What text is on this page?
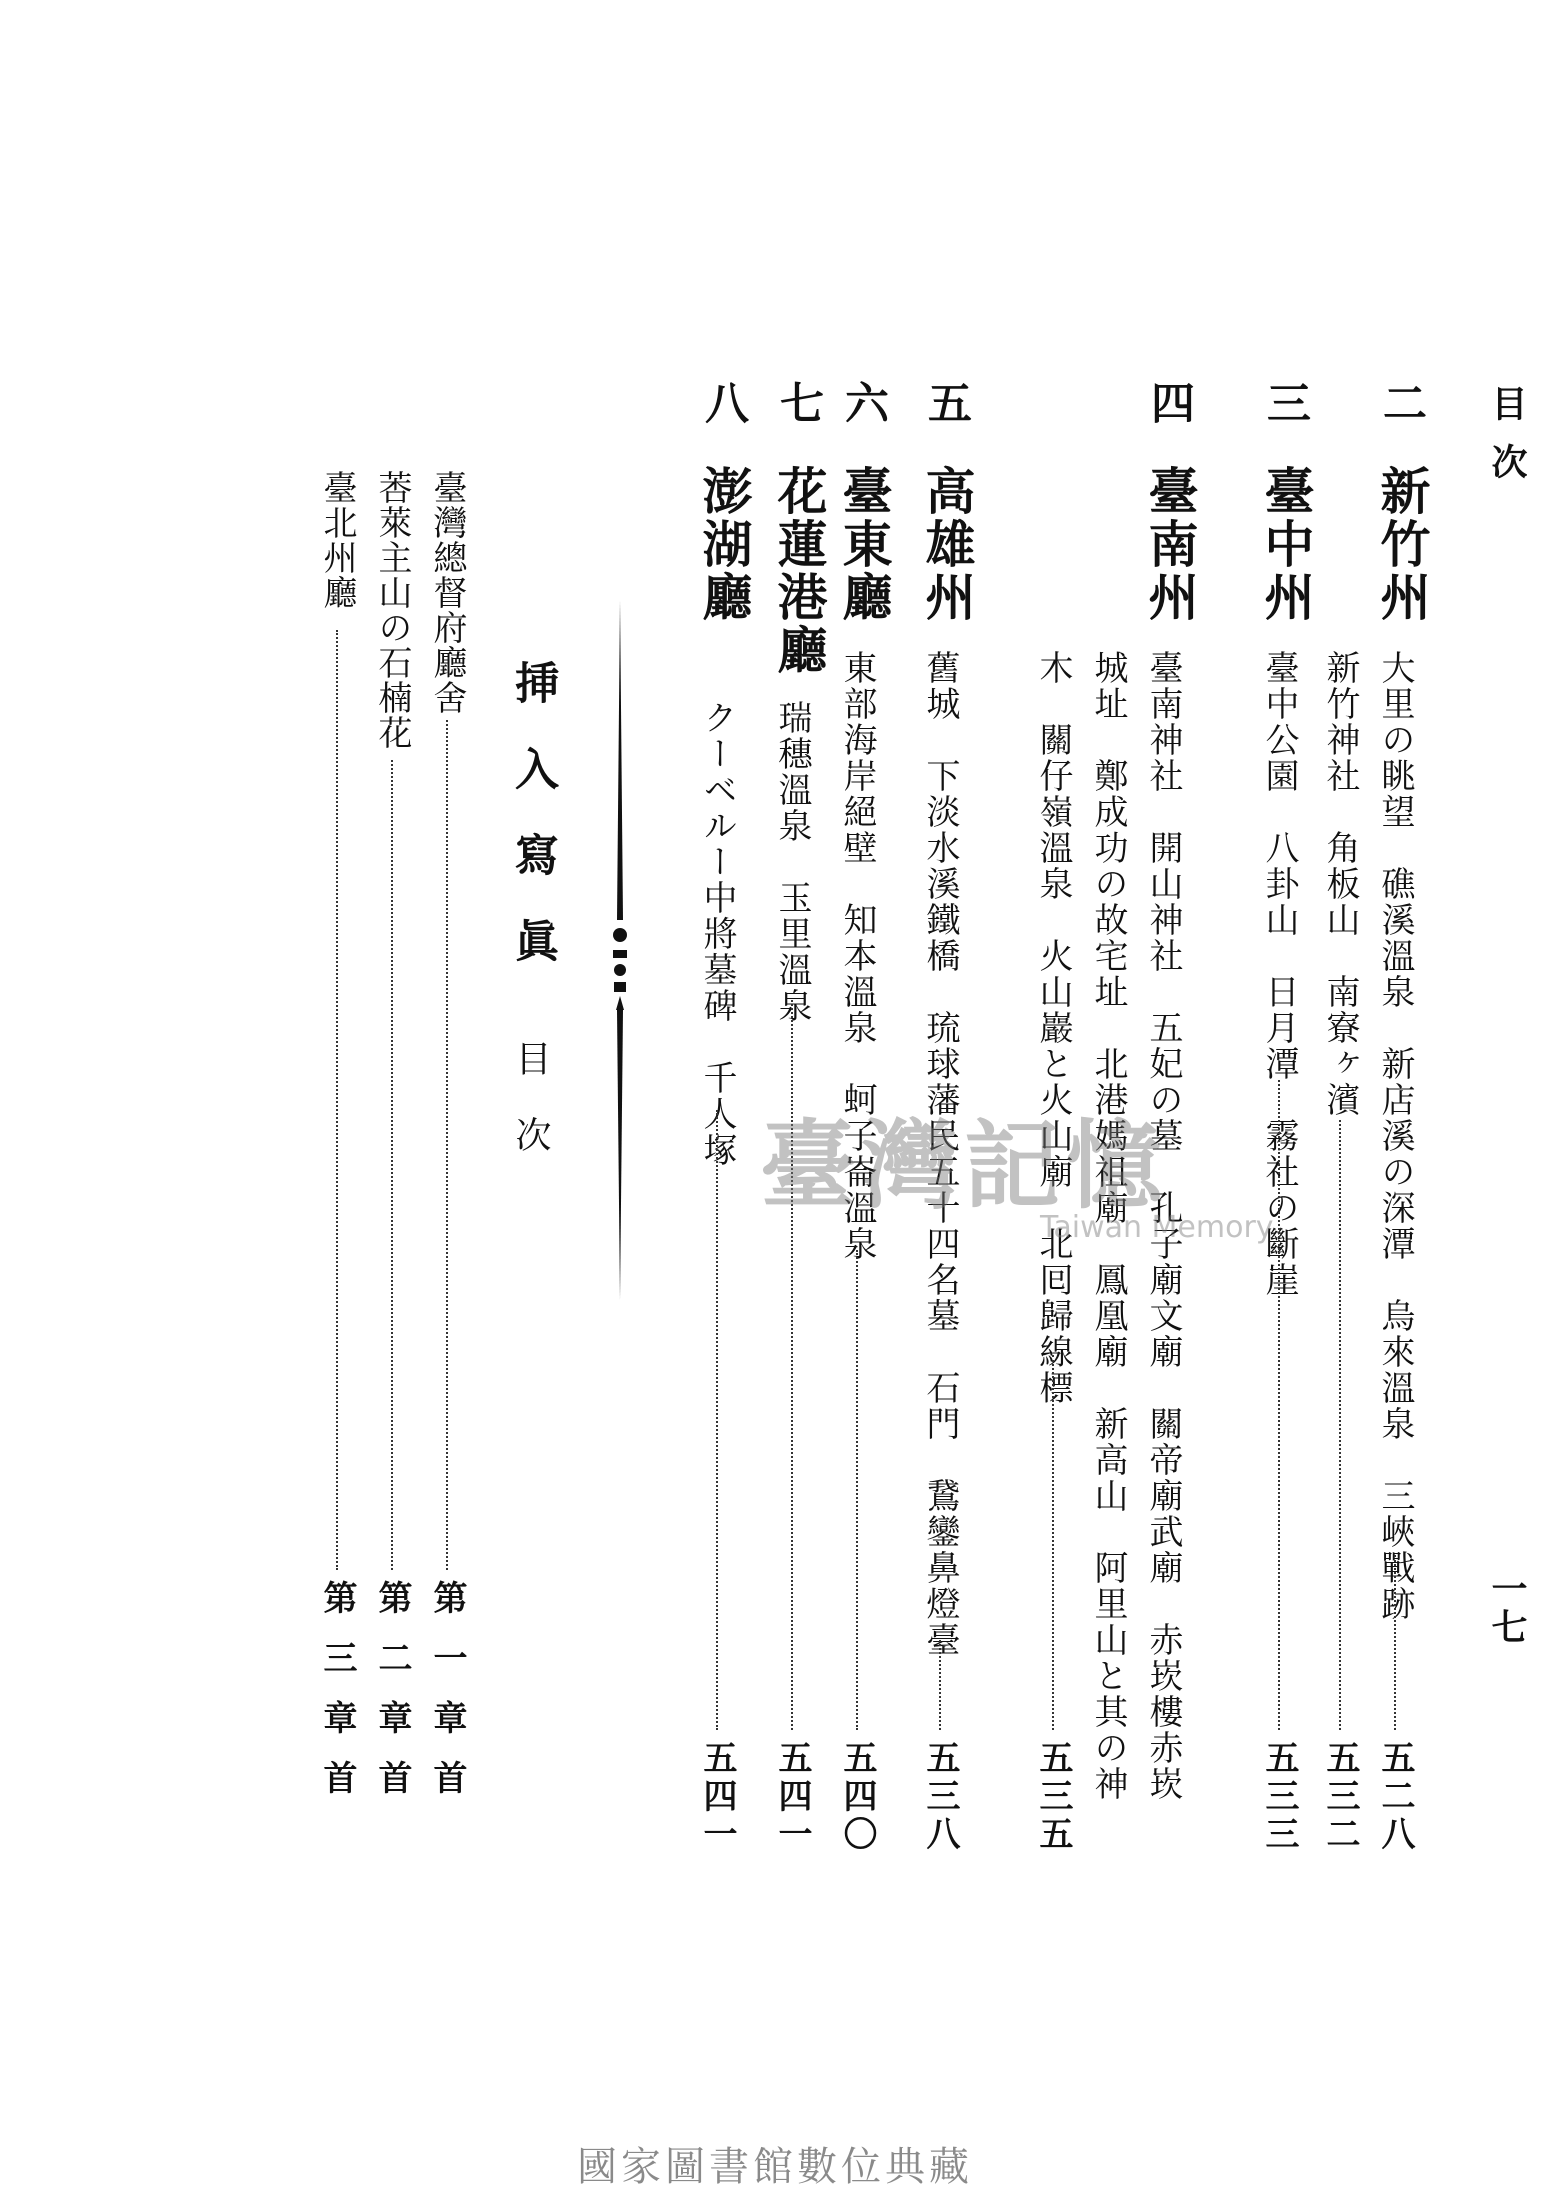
目次
一七
二
新竹州
大里の眺望　礁溪溫泉　新店溪の深潭　烏來溫泉　三峽戰跡
五二八
新竹神社　角板山　南寮ヶ濱
五三二
三
臺中州
臺中公園　八卦山　日月潭　霧社の斷崖
五三三
四
臺南州
臺南神社　開山神社　五妃の墓　孔子廟文廟　關帝廟武廟　赤崁樓赤崁
城址　鄭成功の故宅址　北港媽祖廟　鳳凰廟　新高山　阿里山と其の神
木　關仔嶺溫泉　火山巖と火山廟　北囘歸線標
五三五
五
高雄州
舊城　下淡水溪鐵橋　琉球藩民五十四名墓　石門　鵞鑾鼻燈臺
五三八
六
臺東廳
東部海岸絕壁　知本溫泉　蚵子崙溫泉
五四〇
七
花蓮港廳
瑞穗溫泉　玉里溫泉
五四一
八
澎湖廳
クーベルー中將墓碑　千人塚
五四一
挿入寫眞
目次
臺灣總督府廳舍
第一章首
莕萊主山の石楠花
第二章首
臺北州廳
第三章首
臺灣記憶
Taiwan Memory
國家圖書館數位典藏
